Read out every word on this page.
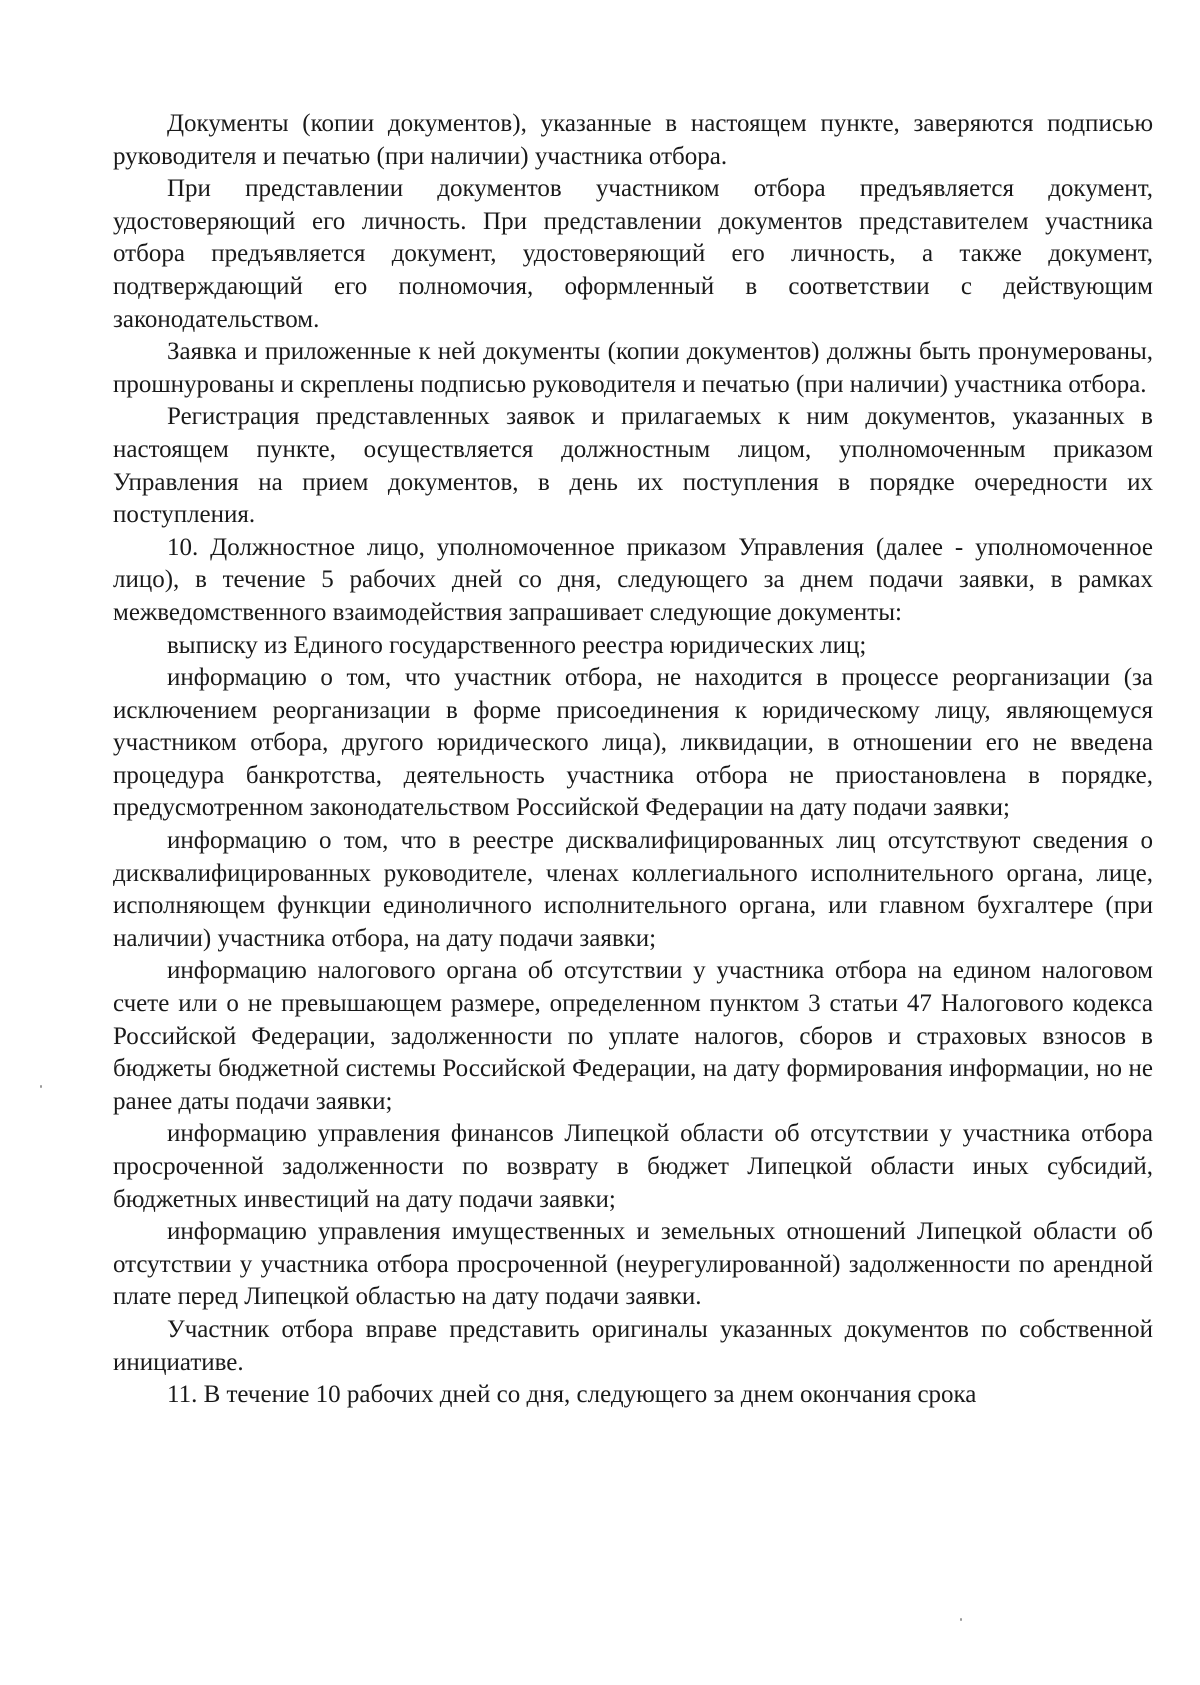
Документы (копии документов), указанные в настоящем пункте, заверяются подписью руководителя и печатью (при наличии) участника отбора.

При представлении документов участником отбора предъявляется документ, удостоверяющий его личность. При представлении документов представителем участника отбора предъявляется документ, удостоверяющий его личность, а также документ, подтверждающий его полномочия, оформленный в соответствии с действующим законодательством.

Заявка и приложенные к ней документы (копии документов) должны быть пронумерованы, прошнурованы и скреплены подписью руководителя и печатью (при наличии) участника отбора.

Регистрация представленных заявок и прилагаемых к ним документов, указанных в настоящем пункте, осуществляется должностным лицом, уполномоченным приказом Управления на прием документов, в день их поступления в порядке очередности их поступления.

10. Должностное лицо, уполномоченное приказом Управления (далее - уполномоченное лицо), в течение 5 рабочих дней со дня, следующего за днем подачи заявки, в рамках межведомственного взаимодействия запрашивает следующие документы:

выписку из Единого государственного реестра юридических лиц;

информацию о том, что участник отбора, не находится в процессе реорганизации (за исключением реорганизации в форме присоединения к юридическому лицу, являющемуся участником отбора, другого юридического лица), ликвидации, в отношении его не введена процедура банкротства, деятельность участника отбора не приостановлена в порядке, предусмотренном законодательством Российской Федерации на дату подачи заявки;

информацию о том, что в реестре дисквалифицированных лиц отсутствуют сведения о дисквалифицированных руководителе, членах коллегиального исполнительного органа, лице, исполняющем функции единоличного исполнительного органа, или главном бухгалтере (при наличии) участника отбора, на дату подачи заявки;

информацию налогового органа об отсутствии у участника отбора на едином налоговом счете или о не превышающем размере, определенном пунктом 3 статьи 47 Налогового кодекса Российской Федерации, задолженности по уплате налогов, сборов и страховых взносов в бюджеты бюджетной системы Российской Федерации, на дату формирования информации, но не ранее даты подачи заявки;

информацию управления финансов Липецкой области об отсутствии у участника отбора просроченной задолженности по возврату в бюджет Липецкой области иных субсидий, бюджетных инвестиций на дату подачи заявки;

информацию управления имущественных и земельных отношений Липецкой области об отсутствии у участника отбора просроченной (неурегулированной) задолженности по арендной плате перед Липецкой областью на дату подачи заявки.

Участник отбора вправе представить оригиналы указанных документов по собственной инициативе.

11. В течение 10 рабочих дней со дня, следующего за днем окончания срока
